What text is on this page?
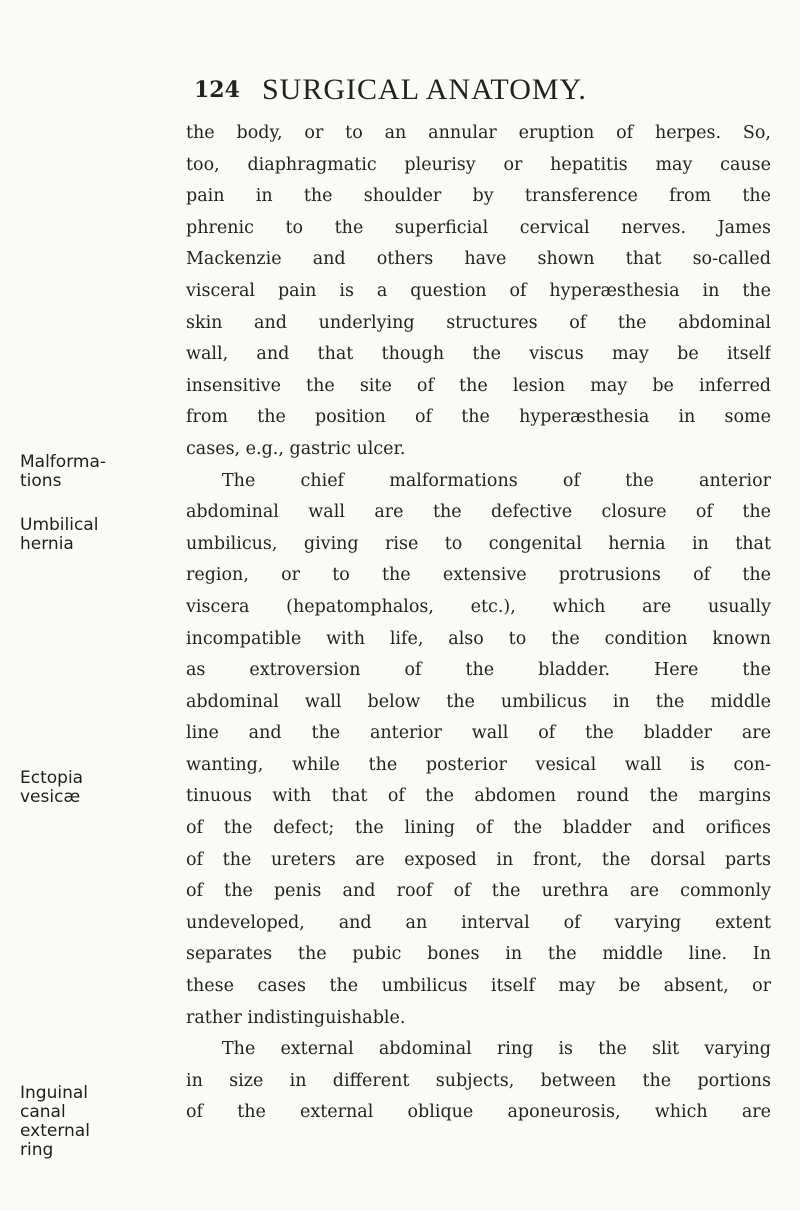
124 SURGICAL ANATOMY.
Malforma-
tions
Umbilical
hernia
Ectopia
vesicæ
Inguinal
canal
external
ring
the body, or to an annular eruption of herpes. So,
too, diaphragmatic pleurisy or hepatitis may cause
pain in the shoulder by transference from the
phrenic to the superficial cervical nerves. James
Mackenzie and others have shown that so-called
visceral pain is a question of hyperæsthesia in the
skin and underlying structures of the abdominal
wall, and that though the viscus may be itself
insensitive the site of the lesion may be inferred
from the position of the hyperæsthesia in some
cases, e.g., gastric ulcer.
The chief malformations of the anterior
abdominal wall are the defective closure of the
umbilicus, giving rise to congenital hernia in that
region, or to the extensive protrusions of the
viscera (hepatomphalos, etc.), which are usually
incompatible with life, also to the condition known
as extroversion of the bladder. Here the
abdominal wall below the umbilicus in the middle
line and the anterior wall of the bladder are
wanting, while the posterior vesical wall is con-
tinuous with that of the abdomen round the margins
of the defect; the lining of the bladder and orifices
of the ureters are exposed in front, the dorsal parts
of the penis and roof of the urethra are commonly
undeveloped, and an interval of varying extent
separates the pubic bones in the middle line. In
these cases the umbilicus itself may be absent, or
rather indistinguishable.
The external abdominal ring is the slit varying
in size in different subjects, between the portions
of the external oblique aponeurosis, which are
